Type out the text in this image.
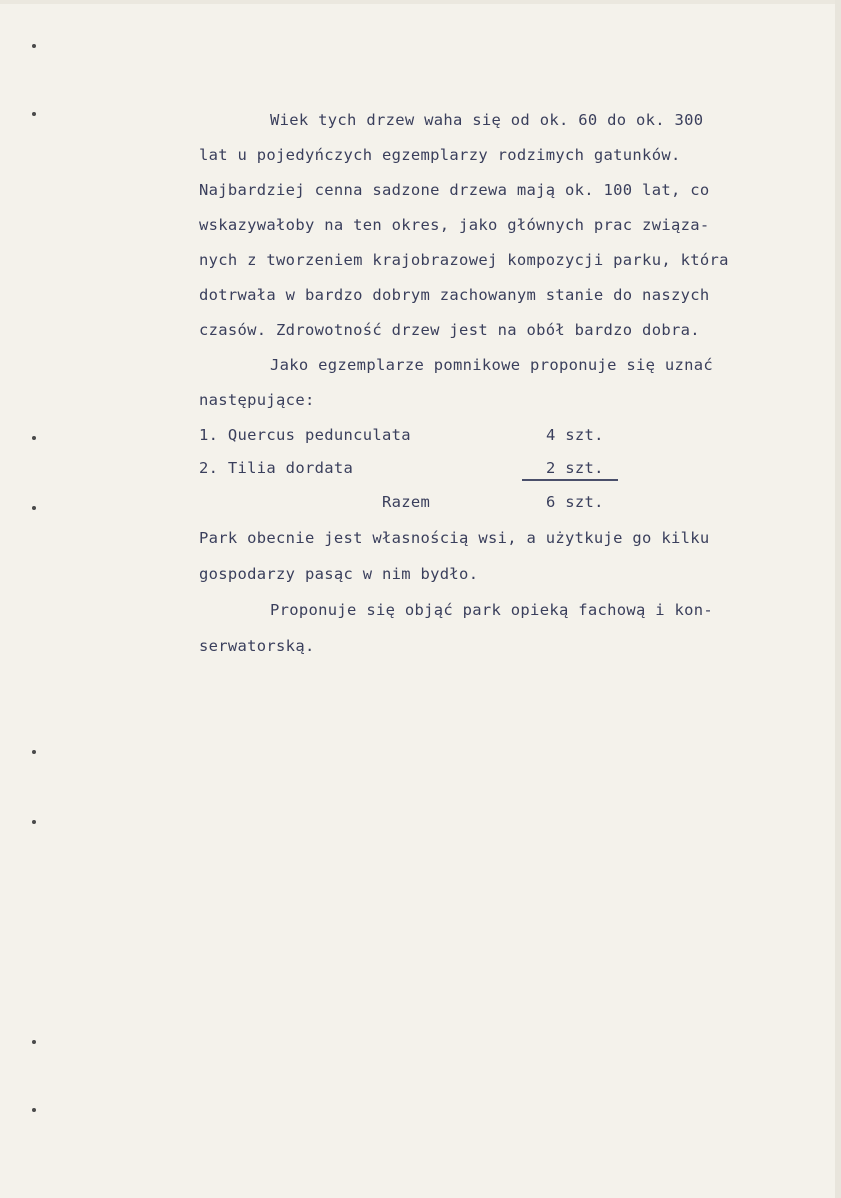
Wiek tych drzew waha się od ok. 60 do ok. 300
lat u pojedyńczych egzemplarzy rodzimych gatunków.
Najbardziej cenna sadzone drzewa mają ok. 100 lat, co
wskazywałoby na ten okres, jako głównych prac związa-
nych z tworzeniem krajobrazowej kompozycji parku, która
dotrwała w bardzo dobrym zachowanym stanie do naszych
czasów. Zdrowotność drzew jest na obół bardzo dobra.
Jako egzemplarze pomnikowe proponuje się uznać
następujące:
1. Quercus pedunculata	4 szt.
2. Tilia dordata	2 szt.
Razem	6 szt.
Park obecnie jest własnością wsi, a użytkuje go kilku
gospodarzy pasąc w nim bydło.
Proponuje się objąć park opieką fachową i kon-
serwatorską.
